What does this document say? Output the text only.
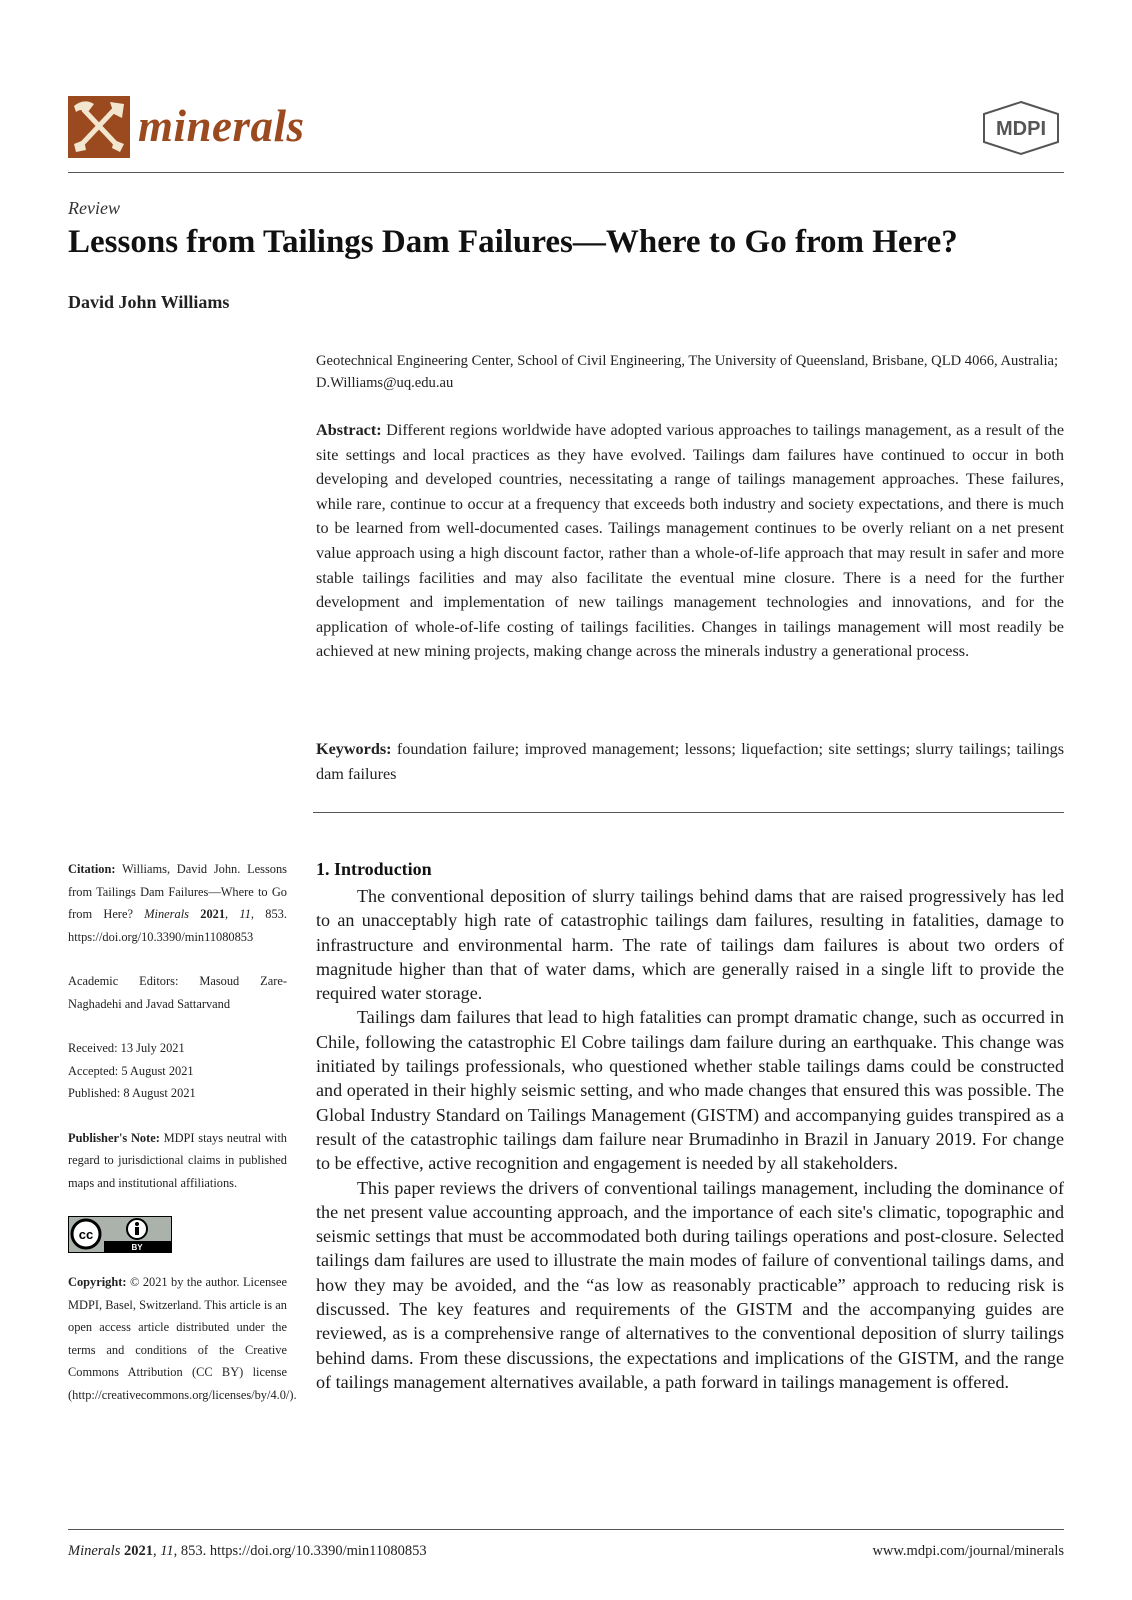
minerals	MDPI
Review
Lessons from Tailings Dam Failures—Where to Go from Here?
David John Williams
Geotechnical Engineering Center, School of Civil Engineering, The University of Queensland, Brisbane, QLD 4066, Australia; D.Williams@uq.edu.au
Abstract: Different regions worldwide have adopted various approaches to tailings management, as a result of the site settings and local practices as they have evolved. Tailings dam failures have continued to occur in both developing and developed countries, necessitating a range of tailings management approaches. These failures, while rare, continue to occur at a frequency that exceeds both industry and society expectations, and there is much to be learned from well-documented cases. Tailings management continues to be overly reliant on a net present value approach using a high discount factor, rather than a whole-of-life approach that may result in safer and more stable tailings facilities and may also facilitate the eventual mine closure. There is a need for the further development and implementation of new tailings management technologies and innovations, and for the application of whole-of-life costing of tailings facilities. Changes in tailings management will most readily be achieved at new mining projects, making change across the minerals industry a generational process.
Keywords: foundation failure; improved management; lessons; liquefaction; site settings; slurry tailings; tailings dam failures
Citation: Williams, David John. Lessons from Tailings Dam Failures—Where to Go from Here? Minerals 2021, 11, 853. https://doi.org/10.3390/min11080853
Academic Editors: Masoud Zare-Naghadehi and Javad Sattarvand
Received: 13 July 2021
Accepted: 5 August 2021
Published: 8 August 2021
Publisher's Note: MDPI stays neutral with regard to jurisdictional claims in published maps and institutional affiliations.
cc
BY
Copyright: © 2021 by the author. Licensee MDPI, Basel, Switzerland. This article is an open access article distributed under the terms and conditions of the Creative Commons Attribution (CC BY) license (http://creativecommons.org/licenses/by/4.0/).
1. Introduction

The conventional deposition of slurry tailings behind dams that are raised progressively has led to an unacceptably high rate of catastrophic tailings dam failures, resulting in fatalities, damage to infrastructure and environmental harm. The rate of tailings dam failures is about two orders of magnitude higher than that of water dams, which are generally raised in a single lift to provide the required water storage.

Tailings dam failures that lead to high fatalities can prompt dramatic change, such as occurred in Chile, following the catastrophic El Cobre tailings dam failure during an earthquake. This change was initiated by tailings professionals, who questioned whether stable tailings dams could be constructed and operated in their highly seismic setting, and who made changes that ensured this was possible. The Global Industry Standard on Tailings Management (GISTM) and accompanying guides transpired as a result of the catastrophic tailings dam failure near Brumadinho in Brazil in January 2019. For change to be effective, active recognition and engagement is needed by all stakeholders.

This paper reviews the drivers of conventional tailings management, including the dominance of the net present value accounting approach, and the importance of each site's climatic, topographic and seismic settings that must be accommodated both during tailings operations and post-closure. Selected tailings dam failures are used to illustrate the main modes of failure of conventional tailings dams, and how they may be avoided, and the “as low as reasonably practicable” approach to reducing risk is discussed. The key features and requirements of the GISTM and the accompanying guides are reviewed, as is a comprehensive range of alternatives to the conventional deposition of slurry tailings behind dams. From these discussions, the expectations and implications of the GISTM, and the range of tailings management alternatives available, a path forward in tailings management is offered.

Minerals 2021, 11, 853. https://doi.org/10.3390/min11080853	www.mdpi.com/journal/minerals
